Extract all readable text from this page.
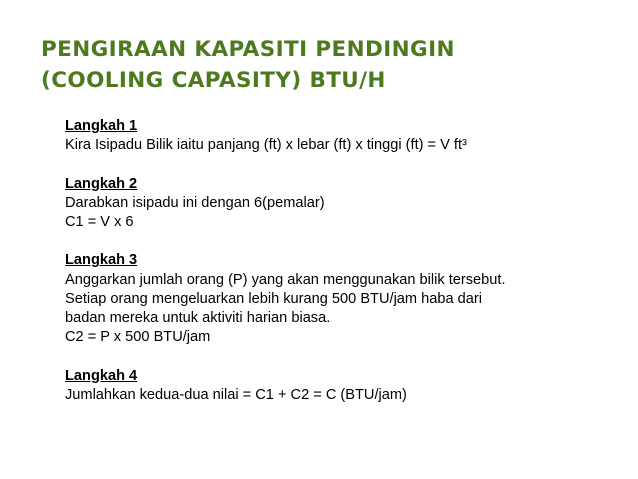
PENGIRAAN KAPASITI PENDINGIN
(COOLING CAPASITY) BTU/H
Langkah 1
Kira Isipadu Bilik iaitu panjang (ft) x lebar (ft) x tinggi (ft) = V ft³
Langkah 2
Darabkan isipadu ini dengan 6(pemalar)
C1 = V x 6
Langkah 3
Anggarkan jumlah orang (P) yang akan menggunakan bilik tersebut.
Setiap orang mengeluarkan lebih kurang 500 BTU/jam haba dari
badan mereka untuk aktiviti harian biasa.
C2 = P x 500 BTU/jam
Langkah 4
Jumlahkan kedua-dua nilai = C1 + C2 = C (BTU/jam)
